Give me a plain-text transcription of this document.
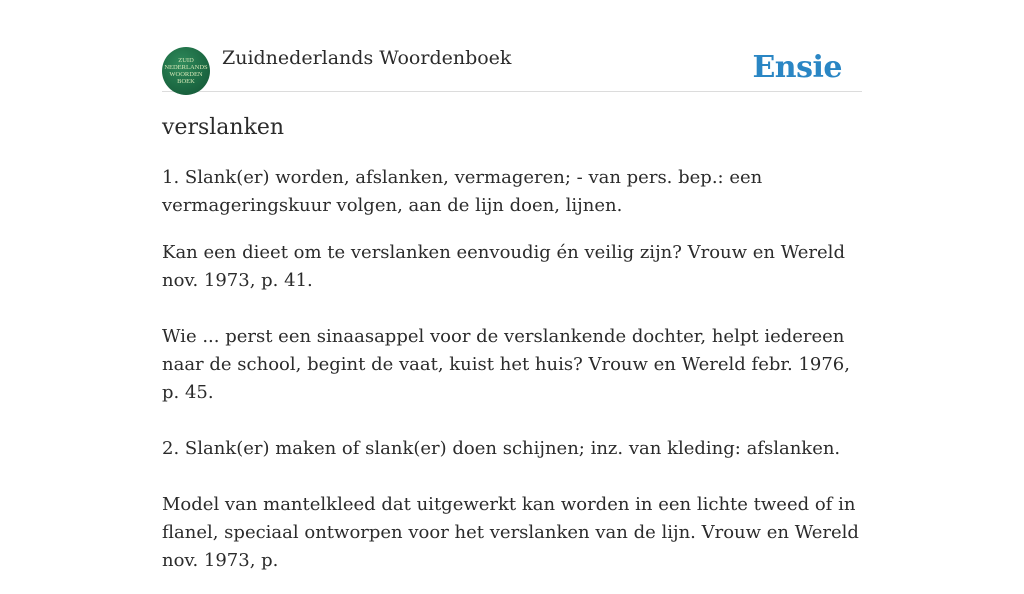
ZUID
NEDERLANDS
WOORDEN
BOEK
Zuidnederlands Woordenboek	Ensie
verslanken

1. Slank(er) worden, afslanken, vermageren; - van pers. bep.: een vermageringskuur volgen, aan de lijn doen, lijnen.

Kan een dieet om te verslanken eenvoudig én veilig zijn? Vrouw en Wereld nov. 1973, p. 41.

Wie ... perst een sinaasappel voor de verslankende dochter, helpt iedereen naar de school, begint de vaat, kuist het huis? Vrouw en Wereld febr. 1976, p. 45.

2. Slank(er) maken of slank(er) doen schijnen; inz. van kleding: afslanken.

Model van mantelkleed dat uitgewerkt kan worden in een lichte tweed of in flanel, speciaal ontworpen voor het verslanken van de lijn. Vrouw en Wereld nov. 1973, p.
